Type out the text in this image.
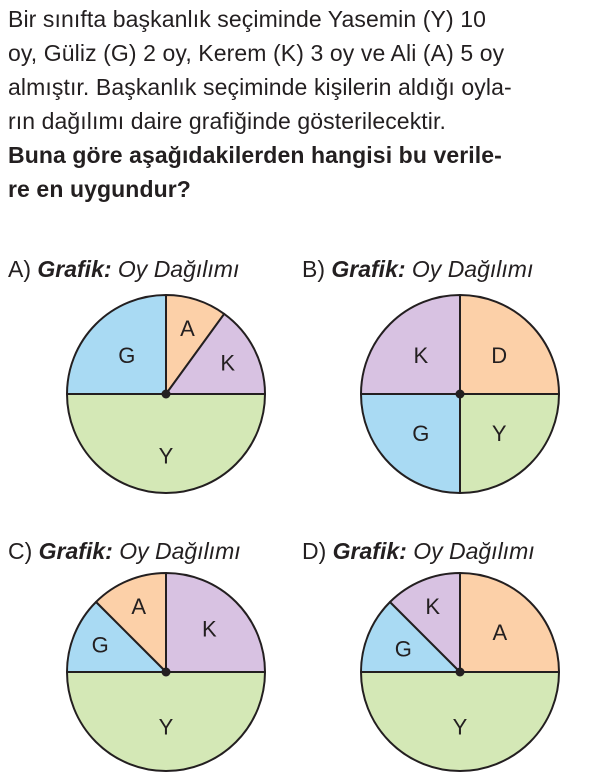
Bir sınıfta başkanlık seçiminde Yasemin (Y) 10
oy, Güliz (G) 2 oy, Kerem (K) 3 oy ve Ali (A) 5 oy
almıştır. Başkanlık seçiminde kişilerin aldığı oyla-
rın dağılımı daire grafiğinde gösterilecektir.
Buna göre aşağıdakilerden hangisi bu verile-
re en uygundur?
A) Grafik: Oy Dağılımı	B) Grafik: Oy Dağılımı
C) Grafik: Oy Dağılımı	D) Grafik: Oy Dağılımı
Y
G
A
K
Y
G
K	D
Y
K
A
G
Y
G
K
A
